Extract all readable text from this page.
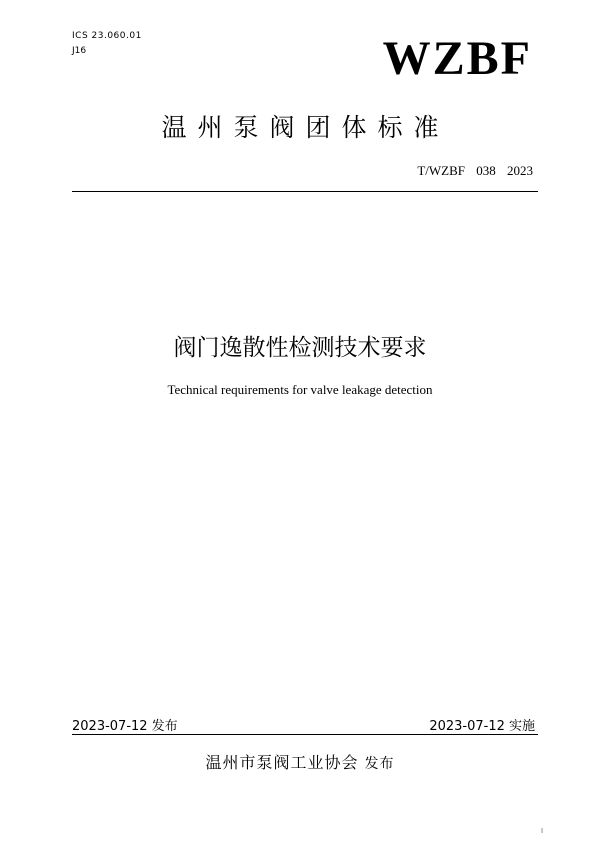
ICS 23.060.01
J16	WZBF
温州泵阀团体标准
T/WZBF 038 2023
阀门逸散性检测技术要求
Technical requirements for valve leakage detection
2023-07-12 发布	2023-07-12 实施
温州市泵阀工业协会 发布
I
